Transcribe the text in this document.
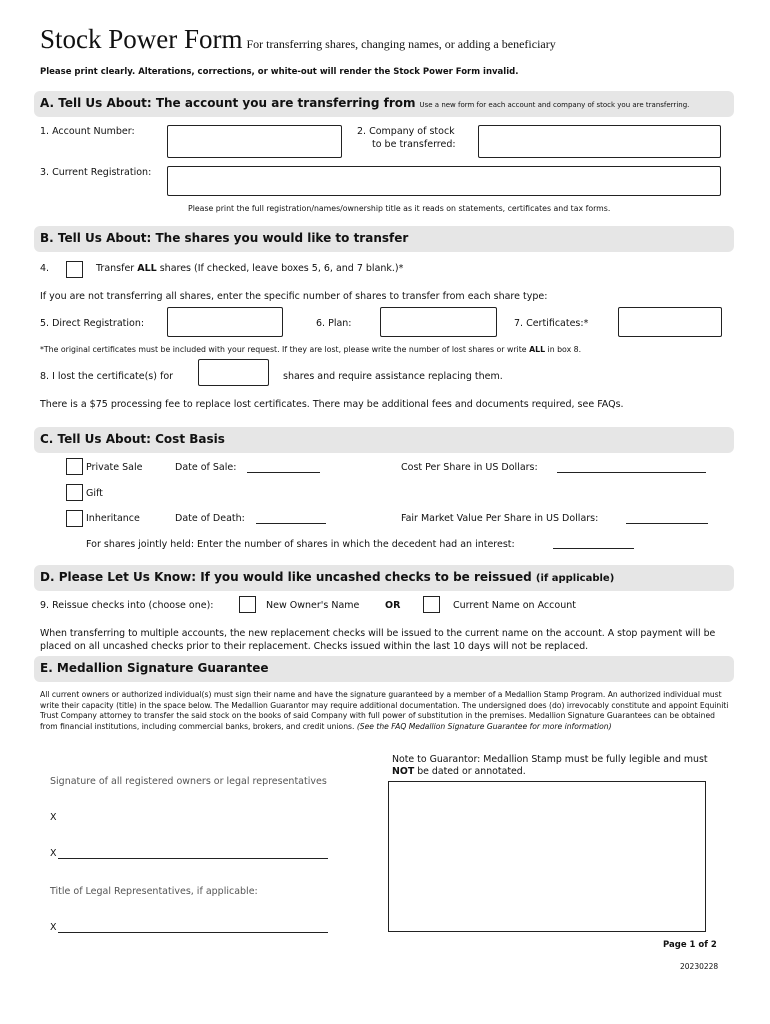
Stock Power Form For transferring shares, changing names, or adding a beneficiary
Please print clearly. Alterations, corrections, or white-out will render the Stock Power Form invalid.
A. Tell Us About: The account you are transferring from Use a new form for each account and company of stock you are transferring.
1. Account Number:	2. Company of stock
to be transferred:
3. Current Registration:
Please print the full registration/names/ownership title as it reads on statements, certificates and tax forms.
B. Tell Us About: The shares you would like to transfer
4.	Transfer ALL shares (If checked, leave boxes 5, 6, and 7 blank.)*
If you are not transferring all shares, enter the specific number of shares to transfer from each share type:
5. Direct Registration:	6. Plan:	7. Certificates:*
*The original certificates must be included with your request. If they are lost, please write the number of lost shares or write ALL in box 8.
8. I lost the certificate(s) for	shares and require assistance replacing them.
There is a $75 processing fee to replace lost certificates. There may be additional fees and documents required, see FAQs.
C. Tell Us About: Cost Basis
Private Sale	Date of Sale:	Cost Per Share in US Dollars:
Gift
Inheritance	Date of Death:	Fair Market Value Per Share in US Dollars:
For shares jointly held: Enter the number of shares in which the decedent had an interest:
D. Please Let Us Know: If you would like uncashed checks to be reissued (if applicable)
9. Reissue checks into (choose one):	New Owner's Name	OR	Current Name on Account
When transferring to multiple accounts, the new replacement checks will be issued to the current name on the account. A stop payment will be placed on all uncashed checks prior to their replacement. Checks issued within the last 10 days will not be replaced.
E. Medallion Signature Guarantee
All current owners or authorized individual(s) must sign their name and have the signature guaranteed by a member of a Medallion Stamp Program. An authorized individual must write their capacity (title) in the space below. The Medallion Guarantor may require additional documentation. The undersigned does (do) irrevocably constitute and appoint Equiniti Trust Company attorney to transfer the said stock on the books of said Company with full power of substitution in the premises. Medallion Signature Guarantees can be obtained from financial institutions, including commercial banks, brokers, and credit unions. (See the FAQ Medallion Signature Guarantee for more information)
Note to Guarantor: Medallion Stamp must be fully legible and must NOT be dated or annotated.
Signature of all registered owners or legal representatives
X
X
Title of Legal Representatives, if applicable:
X
Page 1 of 2
20230228
